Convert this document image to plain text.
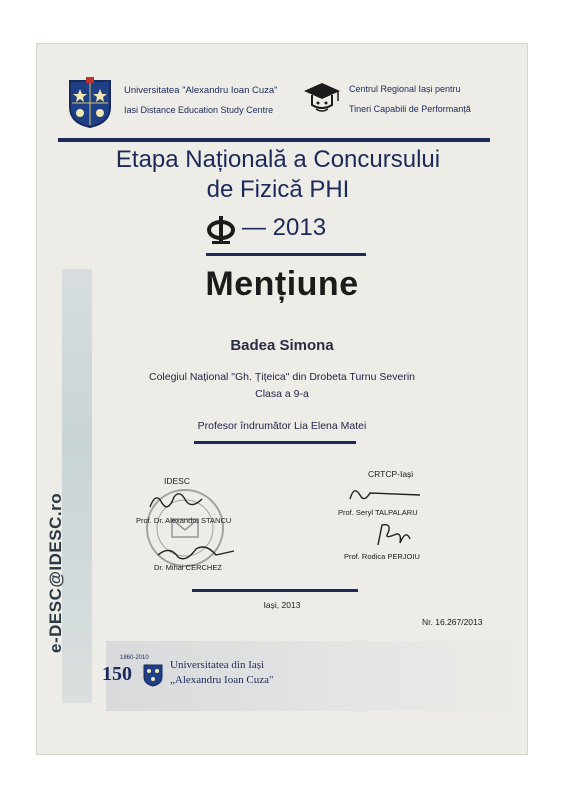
Universitatea "Alexandru Ioan Cuza"
Iasi Distance Education Study Centre
Centrul Regional Iași pentru
Tineri Capabili de Performanță
Etapa Națională a Concursului
de Fizică PHI
— 2013
Mențiune
Badea Simona
Colegiul Național "Gh. Țițeica" din Drobeta Turnu Severin
Clasa a 9-a
Profesor îndrumător Lia Elena Matei
IDESC
CRTCP-Iași
Prof. Dr. Alexandru STANCU
Dr. Mihai CERCHEZ
Prof. Seryl TALPALARU
Prof. Rodica PERJOIU
Iași, 2013
Nr. 16.267/2013
e-DESC@IDESC.ro
1860-2010
150	Universitatea din Iași
„Alexandru Ioan Cuza"
